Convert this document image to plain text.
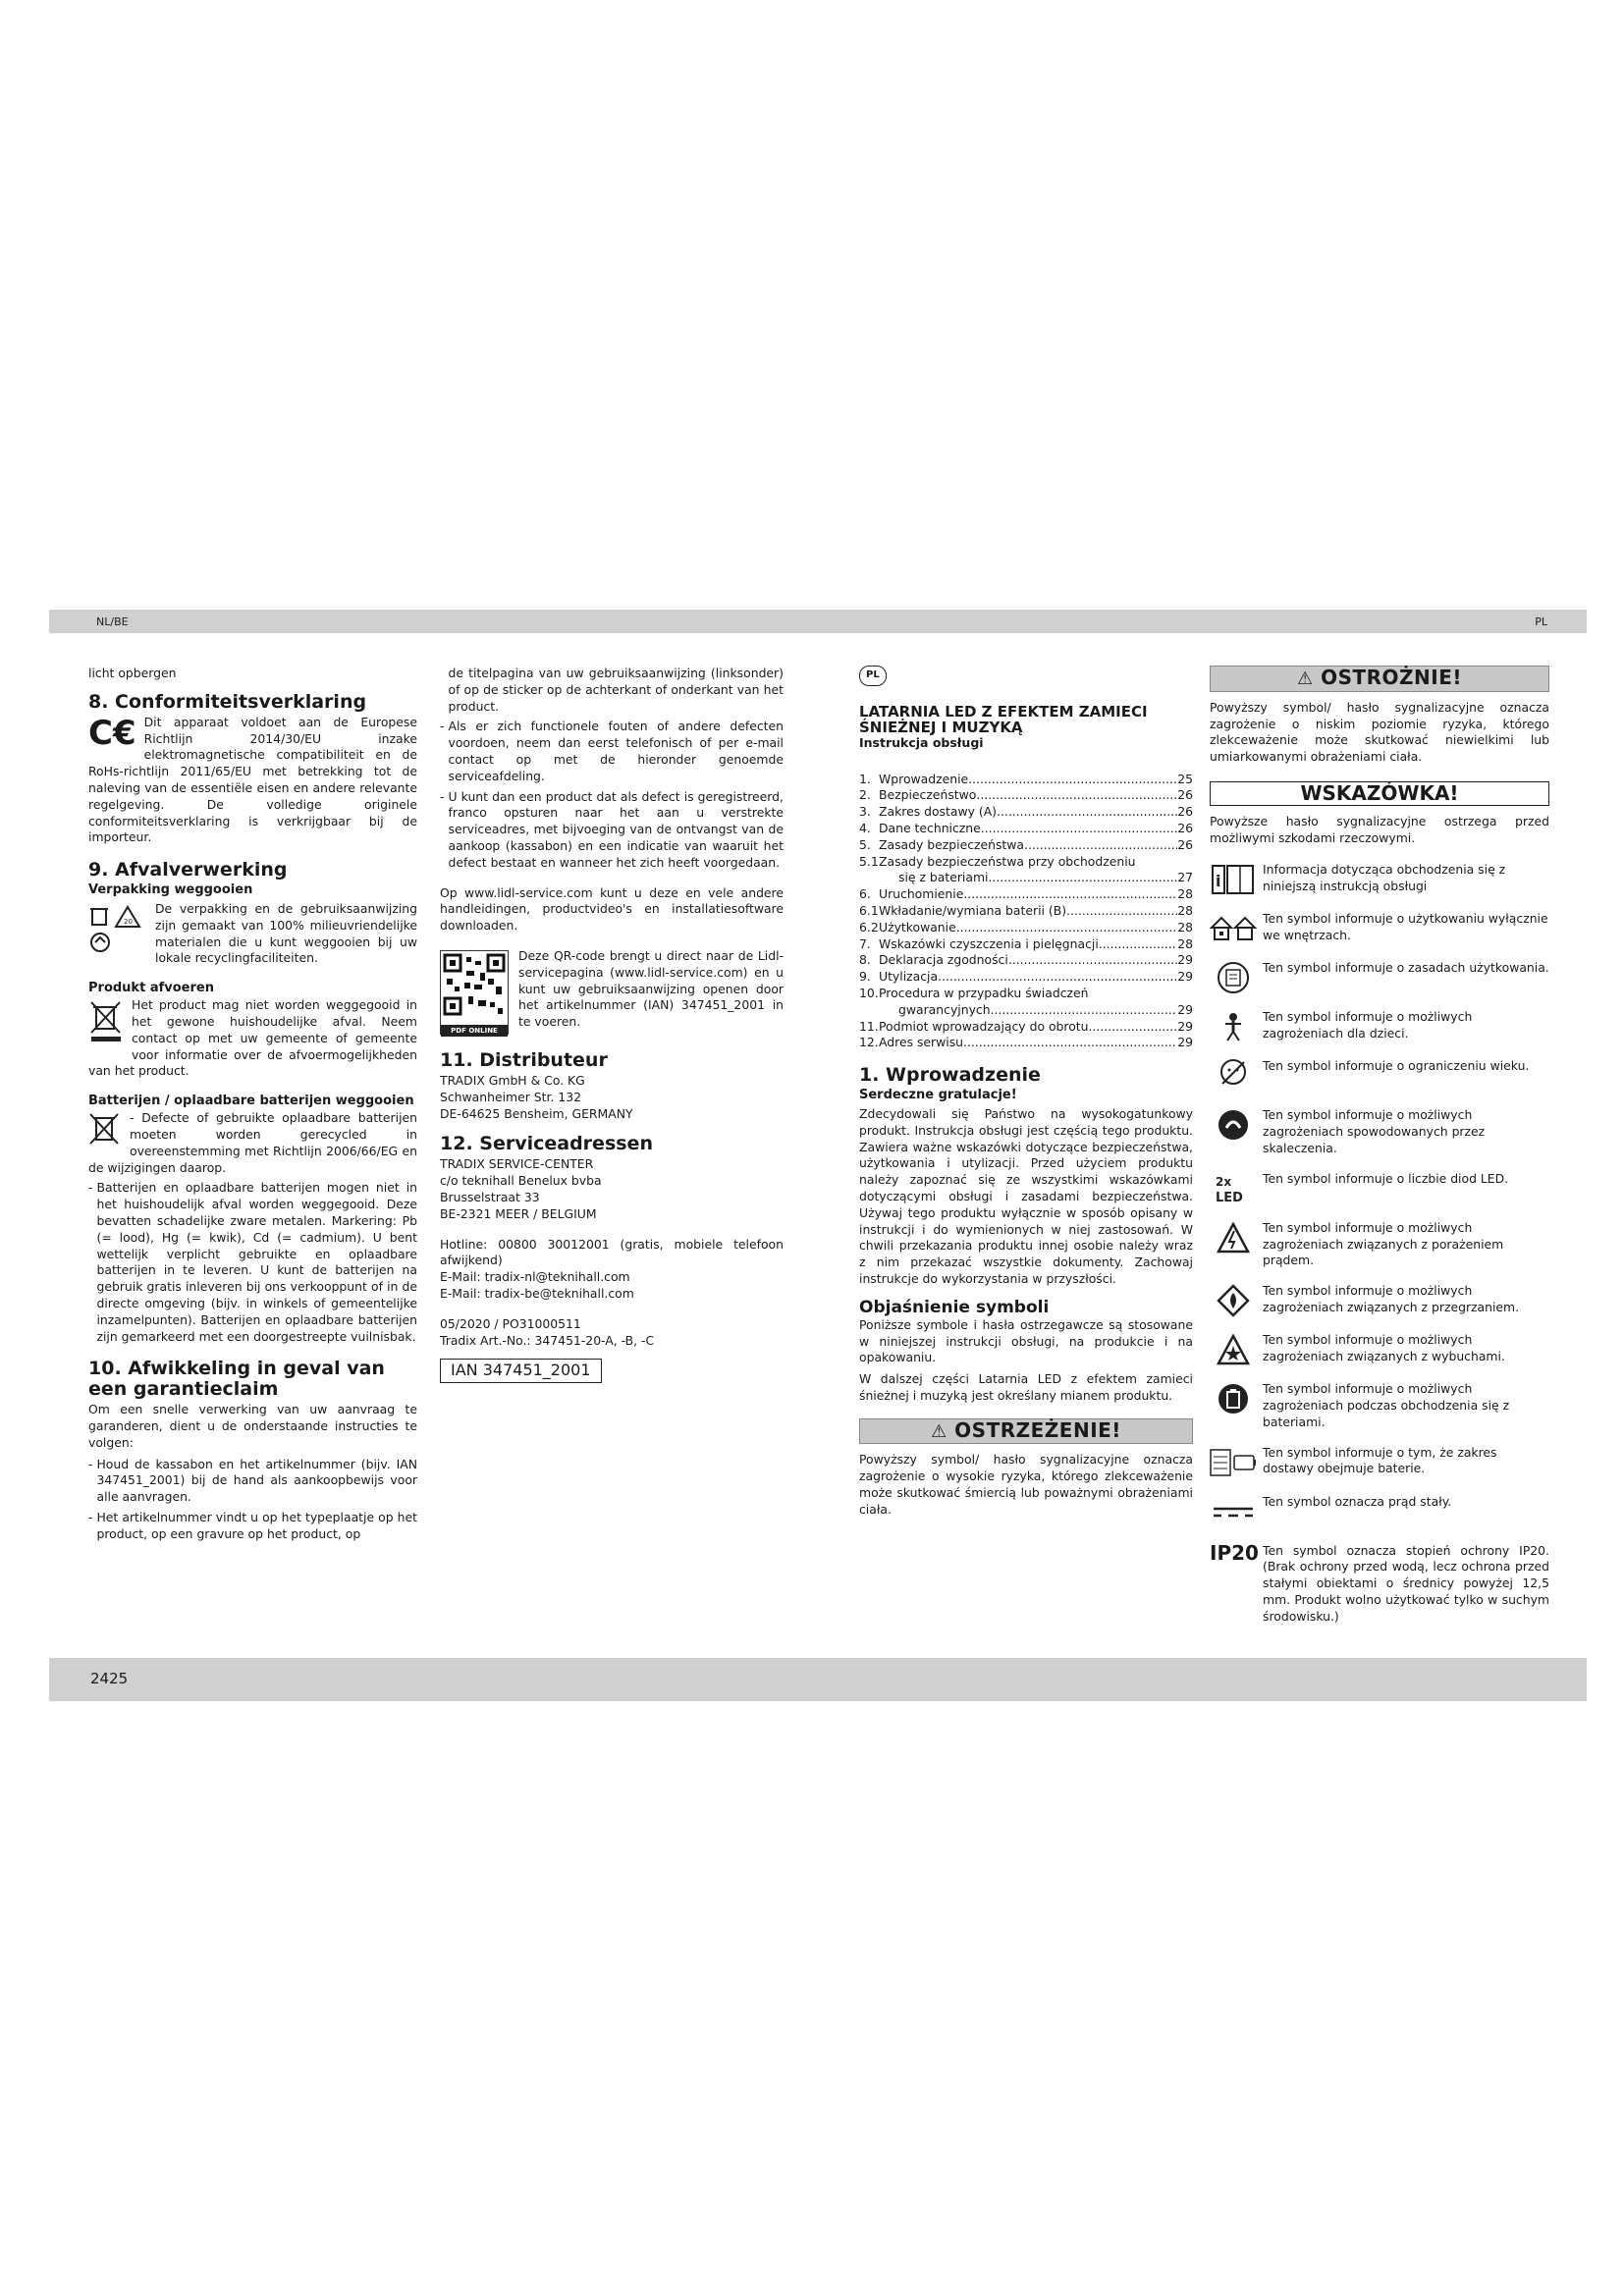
NL/BE	PL
2425

licht opbergen

8. Conformiteitsverklaring

C€ Dit apparaat voldoet aan de Europese Richtlijn 2014/30/EU inzake elektromagnetische compatibiliteit en de RoHs-richtlijn 2011/65/EU met betrekking tot de naleving van de essentiële eisen en andere relevante regelgeving. De volledige originele conformiteitsverklaring is verkrijgbaar bij de importeur.

9. Afvalverwerking
Verpakking weggooien

20
De verpakking en de gebruiksaanwijzing zijn gemaakt van 100% milieuvriendelijke materialen die u kunt weggooien bij uw lokale recyclingfaciliteiten.

Produkt afvoeren

Het product mag niet worden weggegooid in het gewone huishoudelijke afval. Neem contact op met uw gemeente of gemeente voor informatie over de afvoermogelijkheden van het product.

Batterijen / oplaadbare batterijen weggooien
- Defecte of gebruikte oplaadbare batterijen moeten worden gerecycled in overeenstemming met Richtlijn 2006/66/EG en de wijzigingen daarop.
- Batterijen en oplaadbare batterijen mogen niet in het huishoudelijk afval worden weggegooid. Deze bevatten schadelijke zware metalen. Markering: Pb (= lood), Hg (= kwik), Cd (= cadmium). U bent wettelijk verplicht gebruikte en oplaadbare batterijen in te leveren. U kunt de batterijen na gebruik gratis inleveren bij ons verkooppunt of in de directe omgeving (bijv. in winkels of gemeentelijke inzamelpunten). Batterijen en oplaadbare batterijen zijn gemarkeerd met een doorgestreepte vuilnisbak.
10. Afwikkeling in geval van een garantieclaim

Om een snelle verwerking van uw aanvraag te garanderen, dient u de onderstaande instructies te volgen:

- Houd de kassabon en het artikelnummer (bijv. IAN 347451_2001) bij de hand als aankoopbewijs voor alle aanvragen.
- Het artikelnummer vindt u op het typeplaatje op het product, op een gravure op het product, op
de titelpagina van uw gebruiksaanwijzing (linksonder) of op de sticker op de achterkant of onderkant van het product.
- Als er zich functionele fouten of andere defecten voordoen, neem dan eerst telefonisch of per e-mail contact op met de hieronder genoemde serviceafdeling.
- U kunt dan een product dat als defect is geregistreerd, franco opsturen naar het aan u verstrekte serviceadres, met bijvoeging van de ontvangst van de aankoop (kassabon) en een indicatie van waaruit het defect bestaat en wanneer het zich heeft voorgedaan.

Op www.lidl-service.com kunt u deze en vele andere handleidingen, productvideo's en installatiesoftware downloaden.

PDF ONLINE

Deze QR-code brengt u direct naar de Lidl-servicepagina (www.lidl-service.com) en u kunt uw gebruiksaanwijzing openen door het artikelnummer (IAN) 347451_2001 in te voeren.

11. Distributeur
TRADIX GmbH & Co. KG
Schwanheimer Str. 132
DE-64625 Bensheim, GERMANY
12. Serviceadressen
TRADIX SERVICE-CENTER
c/o teknihall Benelux bvba
Brusselstraat 33
BE-2321 MEER / BELGIUM

Hotline: 00800 30012001 (gratis, mobiele telefoon afwijkend)

E-Mail: tradix-nl@teknihall.com
E-Mail: tradix-be@teknihall.com
05/2020 / PO31000511
Tradix Art.-No.: 347451-20-A, -B, -C
IAN 347451_2001
PL
LATARNIA LED Z EFEKTEM ZAMIECI ŚNIEŻNEJ I MUZYKĄ
Instrukcja obsługi
1. Wprowadzenie .....	25
2. Bezpieczeństwo .....	26
3. Zakres dostawy (A) .....	26
4. Dane techniczne .....	26
5. Zasady bezpieczeństwa .....	26
5.1 Zasady bezpieczeństwa przy obchodzeniu
się z bateriami .....	27
6. Uruchomienie .....	28
6.1 Wkładanie/wymiana baterii (B) .....	28
6.2 Użytkowanie .....	28
7. Wskazówki czyszczenia i pielęgnacji .....	28
8. Deklaracja zgodności .....	29
9. Utylizacja .....	29
10. Procedura w przypadku świadczeń
gwarancyjnych .....	29
11. Podmiot wprowadzający do obrotu .....	29
12. Adres serwisu .....	29
1. Wprowadzenie
Serdeczne gratulacje!

Zdecydowali się Państwo na wysokogatunkowy produkt. Instrukcja obsługi jest częścią tego produktu. Zawiera ważne wskazówki dotyczące bezpieczeństwa, użytkowania i utylizacji. Przed użyciem produktu należy zapoznać się ze wszystkimi wskazówkami dotyczącymi obsługi i zasadami bezpieczeństwa. Używaj tego produktu wyłącznie w sposób opisany w instrukcji i do wymienionych w niej zastosowań. W chwili przekazania produktu innej osobie należy wraz z nim przekazać wszystkie dokumenty. Zachowaj instrukcje do wykorzystania w przyszłości.

Objaśnienie symboli

Poniższe symbole i hasła ostrzegawcze są stosowane w niniejszej instrukcji obsługi, na produkcie i na opakowaniu.

W dalszej części Latarnia LED z efektem zamieci śnieżnej i muzyką jest określany mianem produktu.

⚠ OSTRZEŻENIE!

Powyższy symbol/ hasło sygnalizacyjne oznacza zagrożenie o wysokie ryzyka, którego zlekceważenie może skutkować śmiercią lub poważnymi obrażeniami ciała.

⚠ OSTROŻNIE!

Powyższy symbol/ hasło sygnalizacyjne oznacza zagrożenie o niskim poziomie ryzyka, którego zlekceważenie może skutkować niewielkimi lub umiarkowanymi obrażeniami ciała.

WSKAZÓWKA!

Powyższe hasło sygnalizacyjne ostrzega przed możliwymi szkodami rzeczowymi.

i
Informacja dotycząca obchodzenia się z niniejszą instrukcją obsługi
Ten symbol informuje o użytkowaniu wyłącznie we wnętrzach.
Ten symbol informuje o zasadach użytkowania.
Ten symbol informuje o możliwych zagrożeniach dla dzieci.
Ten symbol informuje o ograniczeniu wieku.
Ten symbol informuje o możliwych zagrożeniach spowodowanych przez skaleczenia.
2x
LED
Ten symbol informuje o liczbie diod LED.
Ten symbol informuje o możliwych zagrożeniach związanych z porażeniem prądem.
Ten symbol informuje o możliwych zagrożeniach związanych z przegrzaniem.
Ten symbol informuje o możliwych zagrożeniach związanych z wybuchami.
Ten symbol informuje o możliwych zagrożeniach podczas obchodzenia się z bateriami.
Ten symbol informuje o tym, że zakres dostawy obejmuje baterie.
Ten symbol oznacza prąd stały.
IP20 Ten symbol oznacza stopień ochrony IP20. (Brak ochrony przed wodą, lecz ochrona przed stałymi obiektami o średnicy powyżej 12,5 mm. Produkt wolno użytkować tylko w suchym środowisku.)
